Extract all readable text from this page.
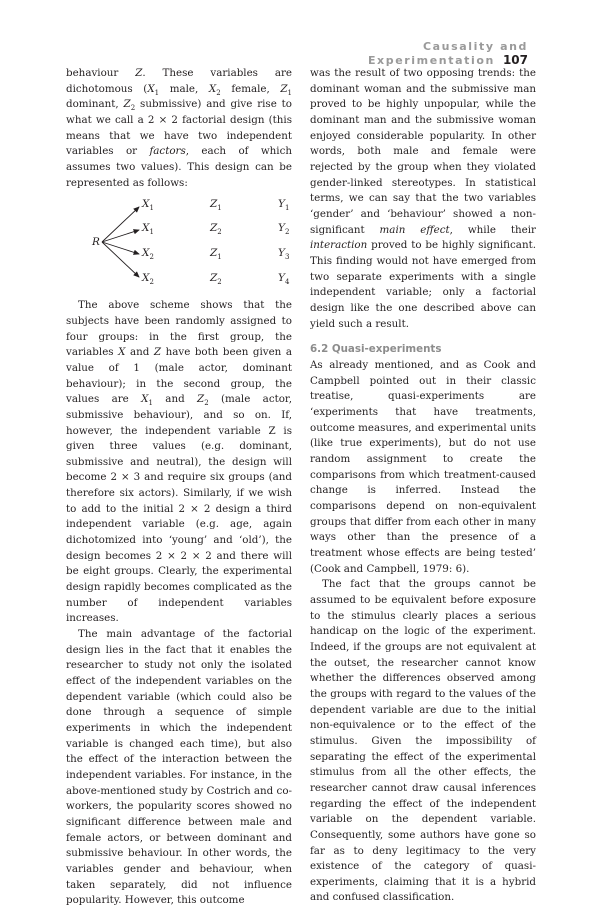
Causality and Experimentation 107

behaviour Z. These variables are dichotomous ($X_1$ male, $X_2$ female, $Z_1$ dominant, $Z_2$ submissive) and give rise to what we call a 2 × 2 factorial design (this means that we have two independent variables or factors, each of which assumes two values). This design can be represented as follows:

R
$X_1$	$Z_1$	$Y_1$
$X_1$	$Z_2$	$Y_2$
$X_2$	$Z_1$	$Y_3$
$X_2$	$Z_2$	$Y_4$

The above scheme shows that the subjects have been randomly assigned to four groups: in the first group, the variables X and Z have both been given a value of 1 (male actor, dominant behaviour); in the second group, the values are $X_1$ and $Z_2$ (male actor, submissive behaviour), and so on. If, however, the independent variable Z is given three values (e.g. dominant, submissive and neutral), the design will become 2 × 3 and require six groups (and therefore six actors). Similarly, if we wish to add to the initial 2 × 2 design a third independent variable (e.g. age, again dichotomized into ‘young’ and ‘old’), the design becomes 2 × 2 × 2 and there will be eight groups. Clearly, the experimental design rapidly becomes complicated as the number of independent variables increases.

The main advantage of the factorial design lies in the fact that it enables the researcher to study not only the isolated effect of the independent variables on the dependent variable (which could also be done through a sequence of simple experiments in which the independent variable is changed each time), but also the effect of the interaction between the independent variables. For instance, in the above-mentioned study by Costrich and co-workers, the popularity scores showed no significant difference between male and female actors, or between dominant and submissive behaviour. In other words, the variables gender and behaviour, when taken separately, did not influence popularity. However, this outcome

was the result of two opposing trends: the dominant woman and the submissive man proved to be highly unpopular, while the dominant man and the submissive woman enjoyed considerable popularity. In other words, both male and female were rejected by the group when they violated gender-linked stereotypes. In statistical terms, we can say that the two variables ‘gender’ and ‘behaviour’ showed a non-significant main effect, while their interaction proved to be highly significant. This finding would not have emerged from two separate experiments with a single independent variable; only a factorial design like the one described above can yield such a result.

6.2 Quasi-experiments

As already mentioned, and as Cook and Campbell pointed out in their classic treatise, quasi-experiments are ‘experiments that have treatments, outcome measures, and experimental units (like true experiments), but do not use random assignment to create the comparisons from which treatment-caused change is inferred. Instead the comparisons depend on non-equivalent groups that differ from each other in many ways other than the presence of a treatment whose effects are being tested’ (Cook and Campbell, 1979: 6).

The fact that the groups cannot be assumed to be equivalent before exposure to the stimulus clearly places a serious handicap on the logic of the experiment. Indeed, if the groups are not equivalent at the outset, the researcher cannot know whether the differences observed among the groups with regard to the values of the dependent variable are due to the initial non-equivalence or to the effect of the stimulus. Given the impossibility of separating the effect of the experimental stimulus from all the other effects, the researcher cannot draw causal inferences regarding the effect of the independent variable on the dependent variable. Consequently, some authors have gone so far as to deny legitimacy to the very existence of the category of quasi-experiments, claiming that it is a hybrid and confused classification.
